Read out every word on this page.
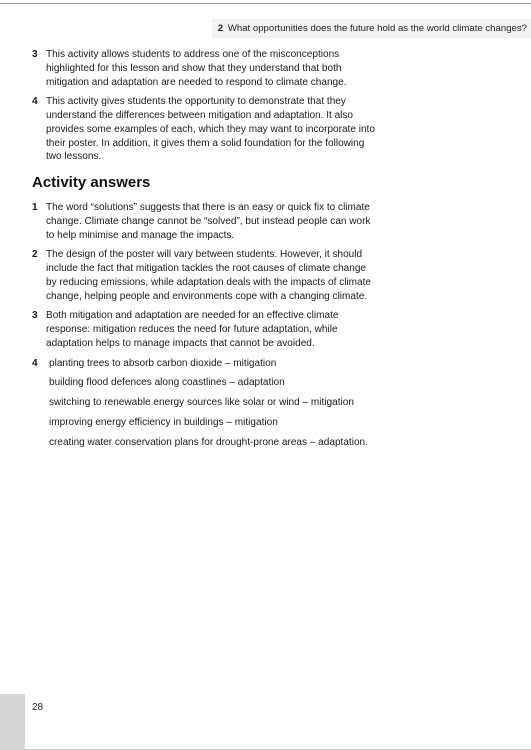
2 What opportunities does the future hold as the world climate changes?
3 This activity allows students to address one of the misconceptions highlighted for this lesson and show that they understand that both mitigation and adaptation are needed to respond to climate change.
4 This activity gives students the opportunity to demonstrate that they understand the differences between mitigation and adaptation. It also provides some examples of each, which they may want to incorporate into their poster. In addition, it gives them a solid foundation for the following two lessons.
Activity answers
1 The word “solutions” suggests that there is an easy or quick fix to climate change. Climate change cannot be “solved”, but instead people can work to help minimise and manage the impacts.
2 The design of the poster will vary between students. However, it should include the fact that mitigation tackles the root causes of climate change by reducing emissions, while adaptation deals with the impacts of climate change, helping people and environments cope with a changing climate.
3 Both mitigation and adaptation are needed for an effective climate response: mitigation reduces the need for future adaptation, while adaptation helps to manage impacts that cannot be avoided.
4 planting trees to absorb carbon dioxide – mitigation
building flood defences along coastlines – adaptation
switching to renewable energy sources like solar or wind – mitigation
improving energy efficiency in buildings – mitigation
creating water conservation plans for drought-prone areas – adaptation.
28
